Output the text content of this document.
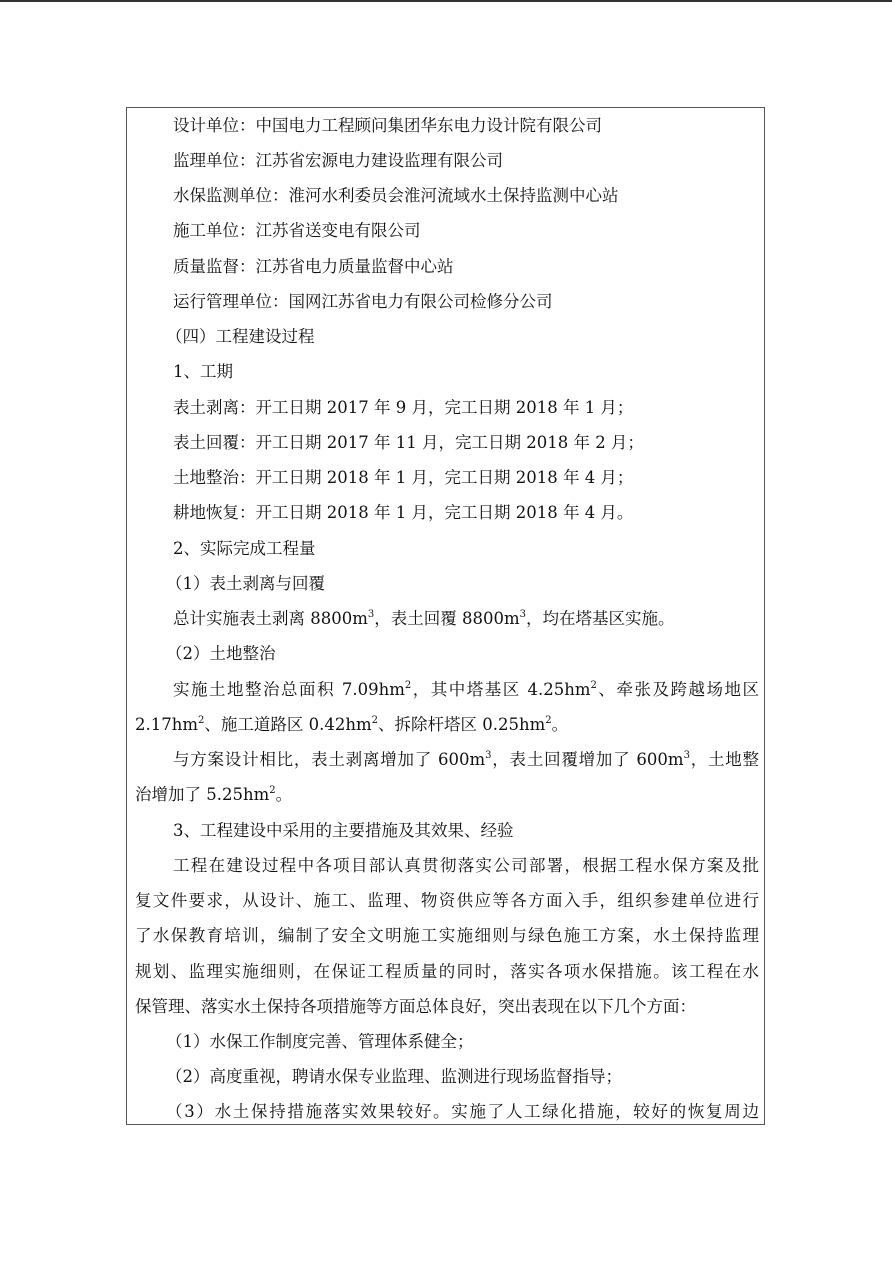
设计单位：中国电力工程顾问集团华东电力设计院有限公司
监理单位：江苏省宏源电力建设监理有限公司
水保监测单位：淮河水利委员会淮河流域水土保持监测中心站
施工单位：江苏省送变电有限公司
质量监督：江苏省电力质量监督中心站
运行管理单位：国网江苏省电力有限公司检修分公司
（四）工程建设过程
1、工期
表土剥离：开工日期 2017 年 9 月，完工日期 2018 年 1 月；
表土回覆：开工日期 2017 年 11 月，完工日期 2018 年 2 月；
土地整治：开工日期 2018 年 1 月，完工日期 2018 年 4 月；
耕地恢复：开工日期 2018 年 1 月，完工日期 2018 年 4 月。
2、实际完成工程量
（1）表土剥离与回覆
总计实施表土剥离 $8800m^3$，表土回覆 $8800m^3$，均在塔基区实施。
（2）土地整治
实施土地整治总面积 $7.09hm^2$，其中塔基区 $4.25hm^2$、牵张及跨越场地区
$2.17hm^2$、施工道路区 $0.42hm^2$、拆除杆塔区 $0.25hm^2$。
与方案设计相比，表土剥离增加了 $600m^3$，表土回覆增加了 $600m^3$，土地整
治增加了 $5.25hm^2$。
3、工程建设中采用的主要措施及其效果、经验
工程在建设过程中各项目部认真贯彻落实公司部署，根据工程水保方案及批
复文件要求，从设计、施工、监理、物资供应等各方面入手，组织参建单位进行
了水保教育培训，编制了安全文明施工实施细则与绿色施工方案，水土保持监理
规划、监理实施细则，在保证工程质量的同时，落实各项水保措施。该工程在水
保管理、落实水土保持各项措施等方面总体良好，突出表现在以下几个方面：
（1）水保工作制度完善、管理体系健全；
（2）高度重视，聘请水保专业监理、监测进行现场监督指导；
（3）水土保持措施落实效果较好。实施了人工绿化措施，较好的恢复周边
